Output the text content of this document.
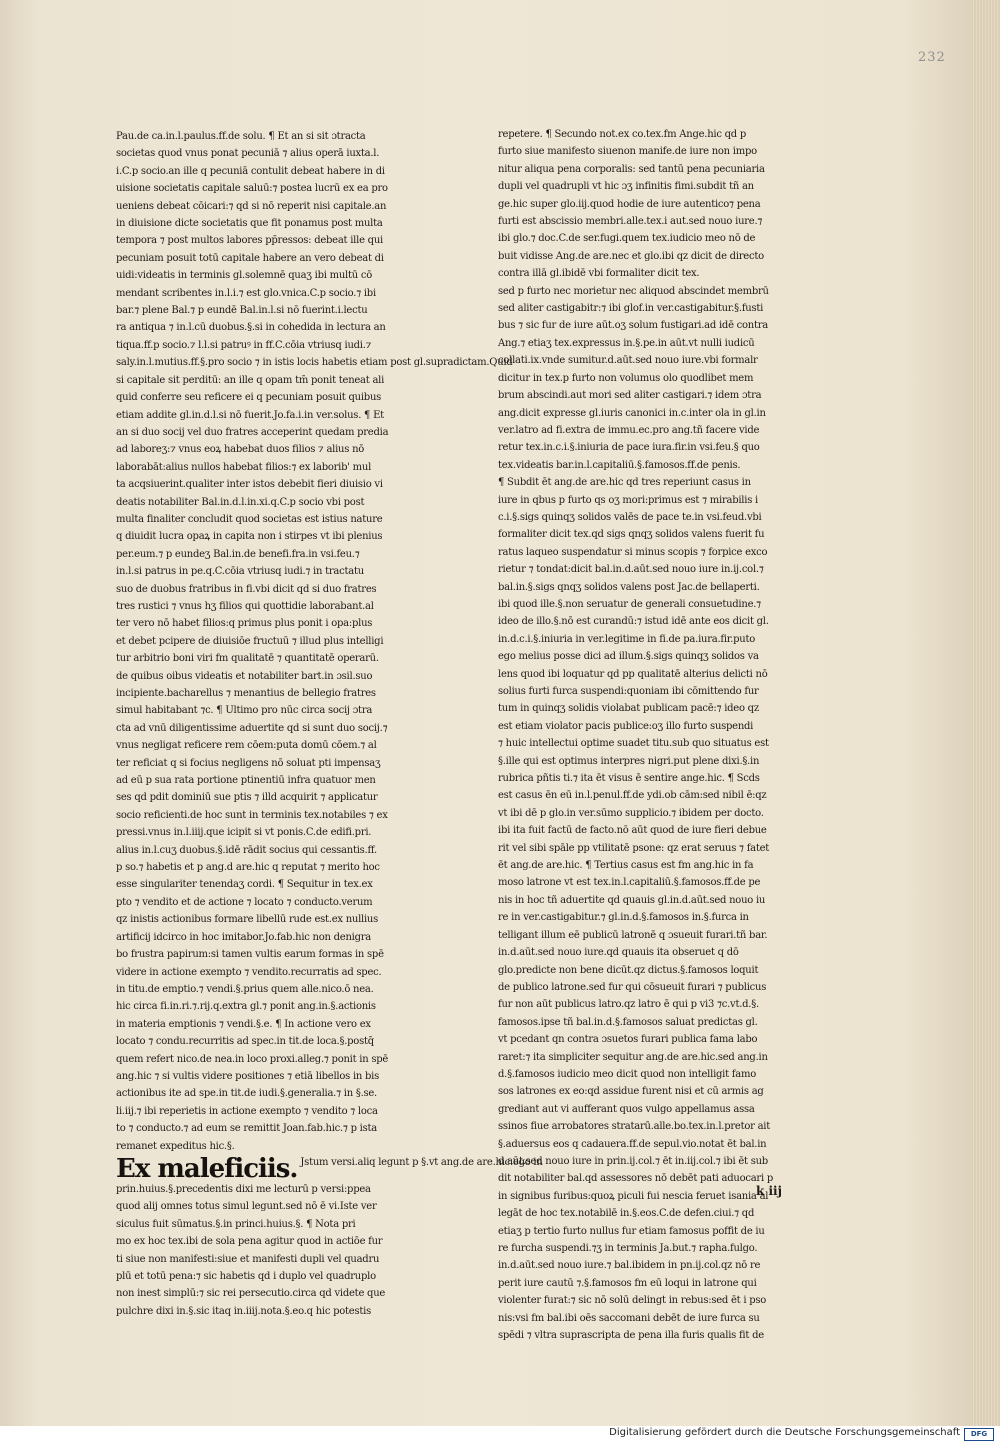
232
Pau.de ca.in.l.paulus.ff.de solu. ¶ Et an si sit ɔtracta
societas quod vnus ponat pecuniā ⁊ alius operā iuxta.l.
i.C.p socio.an ille q pecuniā contulit debeat habere in di
uisione societatis capitale saluū:⁊ postea lucrū ex ea pro
ueniens debeat cōicari:⁊ qd si nō reperit nisi capitale.an
in diuisione dicte societatis que fit ponamus post multa
tempora ⁊ post multos labores pp̄ressos: debeat ille qui
pecuniam posuit totū capitale habere an vero debeat di
uidi:videatis in terminis gl.solemnē quaʒ ibi multū cō
mendant scribentes in.l.i.⁊ est glo.vnica.C.p socio.⁊ ibi
bar.⁊ plene Bal.⁊ p eundē Bal.in.l.si nō fuerint.i.lectu
ra antiqua ⁊ in.l.cū duobus.§.si in cohedida in lectura an
tiqua.ff.p socio.⁊ l.l.si patruꝰ in ff.C.cōia vtriusq iudi.⁊
saly.in.l.mutius.ff.§.pro socio ⁊ in istis locis habetis etiam post gl.supradictam.Quid
si capitale sit perditū: an ille q opam tm̄ ponit teneat ali
quid conferre seu reficere ei q pecuniam posuit quibus
etiam addite gl.in.d.l.si nō fuerit.Jo.fa.i.in ver.solus. ¶ Et
an si duo socij vel duo fratres acceperint quedam predia
ad laboreʒ:⁊ vnus eoꝝ habebat duos filios ⁊ alius nō
laborabāt:alius nullos habebat filios:⁊ ex laborib' mul
ta acqsiuerint.qualiter inter istos debebit fieri diuisio vi
deatis notabiliter Bal.in.d.l.in.xi.q.C.p socio vbi post
multa finaliter concludit quod societas est istius nature
q diuidit lucra opaꝝ in capita non i stirpes vt ibi plenius
per.eum.⁊ p eundeʒ Bal.in.de benefi.fra.in vsi.feu.⁊
in.l.si patrus in pe.q.C.cōia vtriusq iudi.⁊ in tractatu
suo de duobus fratribus in fi.vbi dicit qd si duo fratres
tres rustici ⁊ vnus hʒ filios qui quottidie laborabant.al
ter vero nō habet filios:q primus plus ponit i opa:plus
et debet pcipere de diuisiōe fructuū ⁊ illud plus intelligi
tur arbitrio boni viri fm qualitatē ⁊ quantitatē operarū.
de quibus oibus videatis et notabiliter bart.in ɔsil.suo
incipiente.bacharellus ⁊ menantius de bellegio fratres
simul habitabant ⁊c. ¶ Ultimo pro nūc circa socij ɔtra
cta ad vnū diligentissime aduertite qd si sunt duo socij.⁊
vnus negligat reficere rem cōem:puta domū cōem.⁊ al
ter reficiat q si focius negligens nō soluat pti impensaʒ
ad eū p sua rata portione ptinentiū infra quatuor men
ses qd pdit dominiū sue ptis ⁊ illd acquirit ⁊ applicatur
socio reficienti.de hoc sunt in terminis tex.notabiles ⁊ ex
pressi.vnus in.l.iiij.que icipit si vt ponis.C.de edifi.pri.
alius in.l.cuʒ duobus.§.idē rādit socius qui cessantis.ff.
p so.⁊ habetis et p ang.d are.hic q reputat ⁊ merito hoc
esse singulariter tenendaʒ cordi. ¶ Sequitur in tex.ex
pto ⁊ vendito et de actione ⁊ locato ⁊ conducto.verum
qz inistis actionibus formare libellū rude est.ex nullius
artificij idcirco in hoc imitabor.Jo.fab.hic non denigra
bo frustra papirum:si tamen vultis earum formas in spē
videre in actione exempto ⁊ vendito.recurratis ad spec.
in titu.de emptio.⁊ vendi.§.prius quem alle.nico.ō nea.
hic circa fi.in.ri.⁊.rij.q.extra gl.⁊ ponit ang.in.§.actionis
in materia emptionis ⁊ vendi.§.e. ¶ In actione vero ex
locato ⁊ condu.recurritis ad spec.in tit.de loca.§.postq̄
quem refert nico.de nea.in loco proxi.alleg.⁊ ponit in spē
ang.hic ⁊ si vultis videre positiones ⁊ etiā libellos in bis
actionibus ite ad spe.in tit.de iudi.§.generalia.⁊ in §.se.
li.iij.⁊ ibi reperietis in actione exempto ⁊ vendito ⁊ loca
to ⁊ conducto.⁊ ad eum se remittit Joan.fab.hic.⁊ p ista
remanet expeditus hic.§.
Ex maleficiis. Jstum versi.aliq legunt p §.vt ang.de are.hic.ego in
prin.huius.§.precedentis dixi me lecturū p versi:ppea
quod alij omnes totus simul legunt.sed nō ē vi.Iste ver
siculus fuit sūmatus.§.in princi.huius.§. ¶ Nota pri
mo ex hoc tex.ibi de sola pena agitur quod in actiōe fur
ti siue non manifesti:siue et manifesti dupli vel quadru
plū et totū pena:⁊ sic habetis qd i duplo vel quadruplo
non inest simplū:⁊ sic rei persecutio.circa qd videte que
pulchre dixi in.§.sic itaq in.iiij.nota.§.eo.q hic potestis
repetere. ¶ Secundo not.ex co.tex.fm Ange.hic qd p
furto siue manifesto siuenon manife.de iure non impo
nitur aliqua pena corporalis: sed tantū pena pecuniaria
dupli vel quadrupli vt hic ɔʒ infinitis fimi.subdit tñ an
ge.hic super glo.iij.quod hodie de iure autentico⁊ pena
furti est abscissio membri.alle.tex.i aut.sed nouo iure.⁊
ibi glo.⁊ doc.C.de ser.fugi.quem tex.iudicio meo nō de
buit vidisse Ang.de are.nec et glo.ibi qz dicit de directo
contra illā gl.ibidē vbi formaliter dicit tex.
sed p furto nec morietur nec aliquod abscindet membrū
sed aliter castigabitr:⁊ ibi glof.in ver.castigabitur.§.fusti
bus ⁊ sic fur de iure aūt.oʒ solum fustigari.ad idē contra
Ang.⁊ etiaʒ tex.expressus in.§.pe.in aūt.vt nulli iudicū
collati.ix.vnde sumitur.d.aūt.sed nouo iure.vbi formalr
dicitur in tex.p furto non volumus olo quodlibet mem
brum abscindi.aut mori sed aliter castigari.⁊ idem ɔtra
ang.dicit expresse gl.iuris canonici in.c.inter ola in gl.in
ver.latro ad fi.extra de immu.ec.pro ang.tñ facere vide
retur tex.in.c.i.§.iniuria de pace iura.fir.in vsi.feu.§ quo
tex.videatis bar.in.l.capitaliū.§.famosos.ff.de penis.
¶ Subdit ēt ang.de are.hic qd tres reperiunt casus in
iure in qbus p furto qs oʒ mori:primus est ⁊ mirabilis i
c.i.§.sigs quinqʒ solidos valēs de pace te.in vsi.feud.vbi
formaliter dicit tex.qd sigs qnqʒ solidos valens fuerit fu
ratus laqueo suspendatur si minus scopis ⁊ forpice exco
rietur ⁊ tondat:dicit bal.in.d.aūt.sed nouo iure in.ij.col.⁊
bal.in.§.sigs qnqʒ solidos valens post Jac.de bellaperti.
ibi quod ille.§.non seruatur de generali consuetudine.⁊
ideo de illo.§.nō est curandū:⁊ istud idē ante eos dicit gl.
in.d.c.i.§.iniuria in ver.legitime in fi.de pa.iura.fir.puto
ego melius posse dici ad illum.§.sigs quinqʒ solidos va
lens quod ibi loquatur qd pp qualitatē alterius delicti nō
solius furti furca suspendi:quoniam ibi cōmittendo fur
tum in quinqʒ solidis violabat publicam pacē:⁊ ideo qz
est etiam violator pacis publice:oʒ illo furto suspendi
⁊ huic intellectui optime suadet titu.sub quo situatus est
§.ille qui est optimus interpres nigri.put plene dixi.§.in
rubrica pñtis ti.⁊ ita ēt visus ē sentire ange.hic. ¶ Scds
est casus ēn eū in.l.penul.ff.de ydi.ob cām:sed nibil ē:qz
vt ibi dē p glo.in ver.sūmo supplicio.⁊ ibidem per docto.
ibi ita fuit factū de facto.nō aūt quod de iure fieri debue
rit vel sibi spāle pp vtilitatē psone: qz erat seruus ⁊ fatet
ēt ang.de are.hic. ¶ Tertius casus est fm ang.hic in fa
moso latrone vt est tex.in.l.capitaliū.§.famosos.ff.de pe
nis in hoc tñ aduertite qd quauis gl.in.d.aūt.sed nouo iu
re in ver.castigabitur.⁊ gl.in.d.§.famosos in.§.furca in
telligant illum eē publicū latronē q ɔsueuit furari.tñ bar.
in.d.aūt.sed nouo iure.qd quauis ita obseruet q dō
glo.predicte non bene dicūt.qz dictus.§.famosos loquit
de publico latrone.sed fur qui cōsueuit furari ⁊ publicus
fur non aūt publicus latro.qz latro ē qui p vi3 ⁊c.vt.d.§.
famosos.ipse tñ bal.in.d.§.famosos saluat predictas gl.
vt pcedant qn contra ɔsuetos furari publica fama labo
raret:⁊ ita simpliciter sequitur ang.de are.hic.sed ang.in
d.§.famosos iudicio meo dicit quod non intelligit famo
sos latrones ex eo:qd assidue furent nisi et cū armis ag
grediant aut vi aufferant quos vulgo appellamus assa
ssinos fiue arrobatores stratarū.alle.bo.tex.in.l.pretor ait
§.aduersus eos q cadauera.ff.de sepul.vio.notat ēt bal.in
d.aūt.sed nouo iure in prin.ij.col.⁊ ēt in.iij.col.⁊ ibi ēt sub
dit notabiliter bal.qd assessores nō debēt pati aduocari p
in signibus furibus:quoꝝ piculi fui nescia feruet isania al
legāt de hoc tex.notabilē in.§.eos.C.de defen.ciui.⁊ qd
etiaʒ p tertio furto nullus fur etiam famosus poffit de iu
re furcha suspendi.⁊ʒ in terminis Ja.but.⁊ rapha.fulgo.
in.d.aūt.sed nouo iure.⁊ bal.ibidem in pn.ij.col.qz nō re
perit iure cautū ⁊.§.famosos fm eū loqui in latrone qui
violenter furat:⁊ sic nō solū delingt in rebus:sed ēt i pso
nis:vsi fm bal.ibi oēs saccomani debēt de iure furca su
spēdi ⁊ vltra suprascripta de pena illa furis qualis fit de
k iij
Digitalisierung gefördert durch die Deutsche Forschungsgemeinschaft	DFG
